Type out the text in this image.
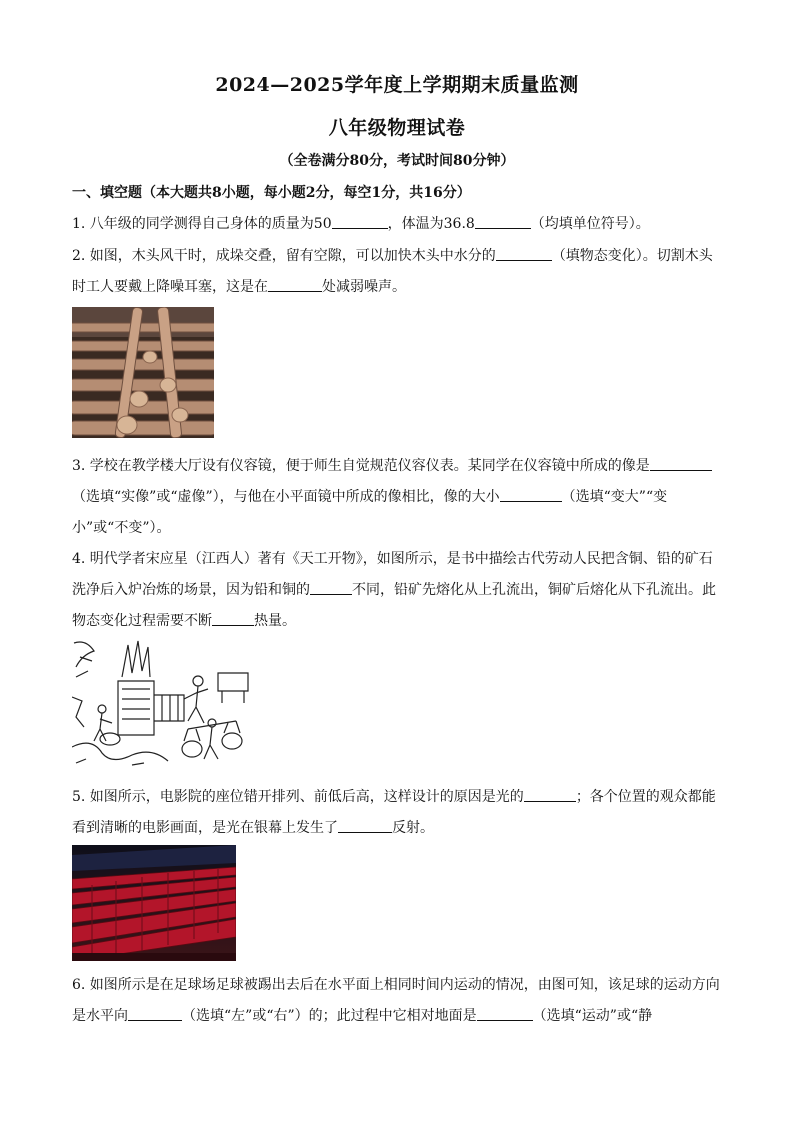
2024—2025学年度上学期期末质量监测
八年级物理试卷
（全卷满分80分，考试时间80分钟）
一、填空题（本大题共8小题，每小题2分，每空1分，共16分）
1. 八年级的同学测得自己身体的质量为50	，体温为36.8	（均填单位符号）。
2. 如图，木头风干时，成垛交叠，留有空隙，可以加快木头中水分的	（填物态变化）。切割木头
时工人要戴上降噪耳塞，这是在	处减弱噪声。
3. 学校在教学楼大厅设有仪容镜，便于师生自觉规范仪容仪表。某同学在仪容镜中所成的像是
（选填“实像”或“虚像”），与他在小平面镜中所成的像相比，像的大小	（选填“变大”“变
小”或“不变”）。
4. 明代学者宋应星（江西人）著有《天工开物》，如图所示，是书中描绘古代劳动人民把含铜、铅的矿石
洗净后入炉冶炼的场景，因为铅和铜的	不同，铅矿先熔化从上孔流出，铜矿后熔化从下孔流出。此
物态变化过程需要不断	热量。
5. 如图所示，电影院的座位错开排列、前低后高，这样设计的原因是光的	；各个位置的观众都能
看到清晰的电影画面，是光在银幕上发生了	反射。
6. 如图所示是在足球场足球被踢出去后在水平面上相同时间内运动的情况，由图可知，该足球的运动方向
是水平向	（选填“左”或“右”）的；此过程中它相对地面是	（选填“运动”或“静
